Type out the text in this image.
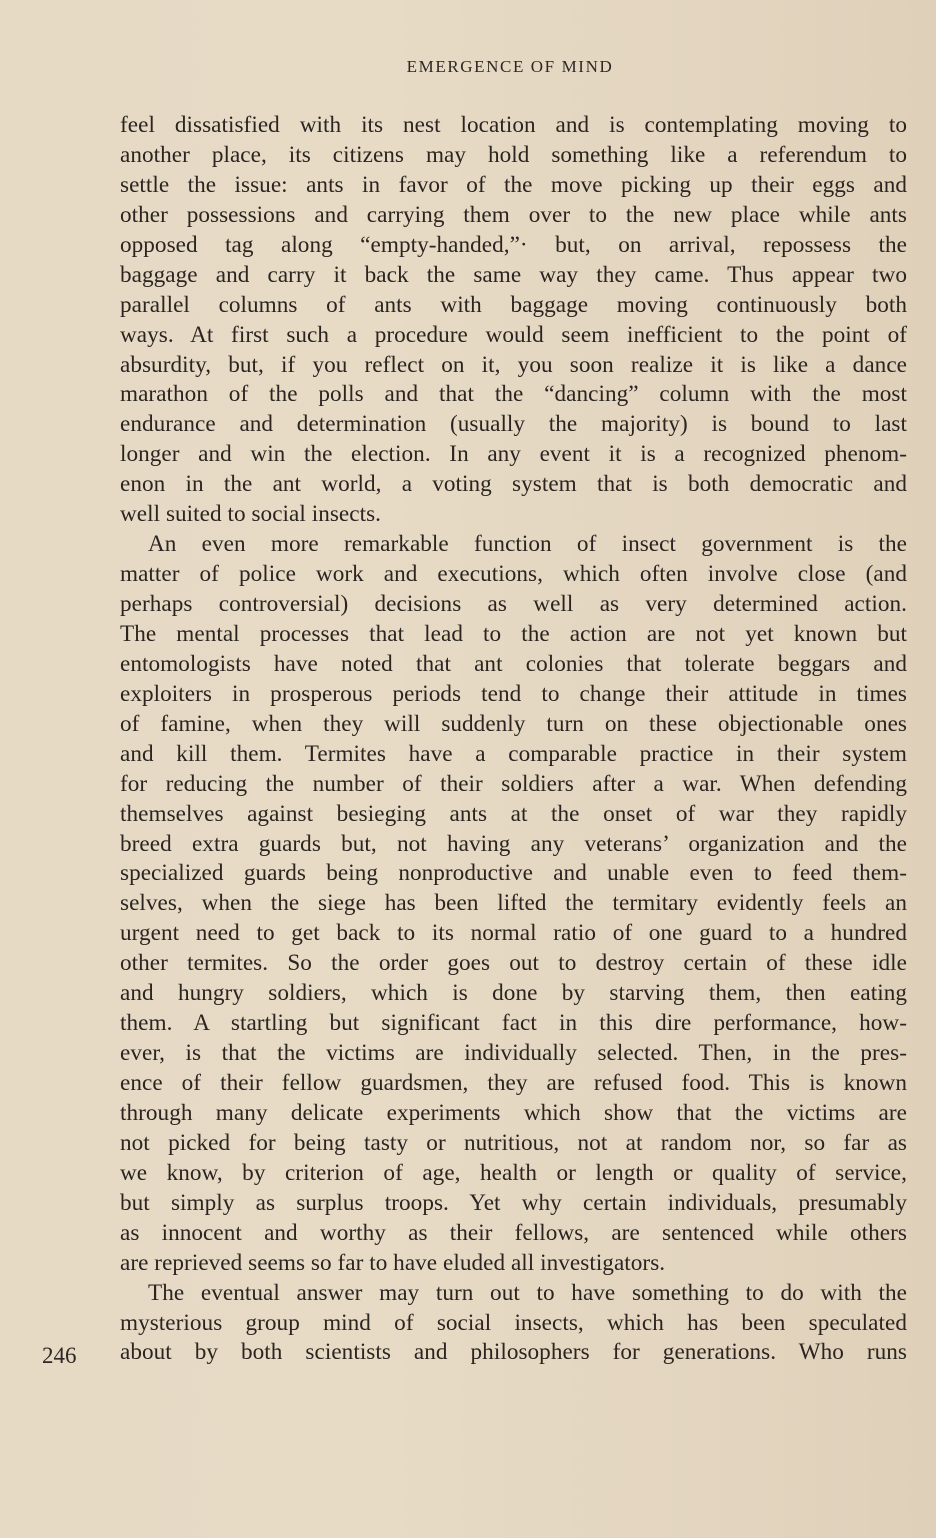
EMERGENCE OF MIND
feel dissatisfied with its nest location and is contemplating moving to
another place, its citizens may hold something like a referendum to
settle the issue: ants in favor of the move picking up their eggs and
other possessions and carrying them over to the new place while ants
opposed tag along “empty-handed,”· but, on arrival, repossess the
baggage and carry it back the same way they came. Thus appear two
parallel columns of ants with baggage moving continuously both
ways. At first such a procedure would seem inefficient to the point of
absurdity, but, if you reflect on it, you soon realize it is like a dance
marathon of the polls and that the “dancing” column with the most
endurance and determination (usually the majority) is bound to last
longer and win the election. In any event it is a recognized phenom-
enon in the ant world, a voting system that is both democratic and
well suited to social insects.
An even more remarkable function of insect government is the
matter of police work and executions, which often involve close (and
perhaps controversial) decisions as well as very determined action.
The mental processes that lead to the action are not yet known but
entomologists have noted that ant colonies that tolerate beggars and
exploiters in prosperous periods tend to change their attitude in times
of famine, when they will suddenly turn on these objectionable ones
and kill them. Termites have a comparable practice in their system
for reducing the number of their soldiers after a war. When defending
themselves against besieging ants at the onset of war they rapidly
breed extra guards but, not having any veterans’ organization and the
specialized guards being nonproductive and unable even to feed them-
selves, when the siege has been lifted the termitary evidently feels an
urgent need to get back to its normal ratio of one guard to a hundred
other termites. So the order goes out to destroy certain of these idle
and hungry soldiers, which is done by starving them, then eating
them. A startling but significant fact in this dire performance, how-
ever, is that the victims are individually selected. Then, in the pres-
ence of their fellow guardsmen, they are refused food. This is known
through many delicate experiments which show that the victims are
not picked for being tasty or nutritious, not at random nor, so far as
we know, by criterion of age, health or length or quality of service,
but simply as surplus troops. Yet why certain individuals, presumably
as innocent and worthy as their fellows, are sentenced while others
are reprieved seems so far to have eluded all investigators.
The eventual answer may turn out to have something to do with the
mysterious group mind of social insects, which has been speculated
about by both scientists and philosophers for generations. Who runs
246
